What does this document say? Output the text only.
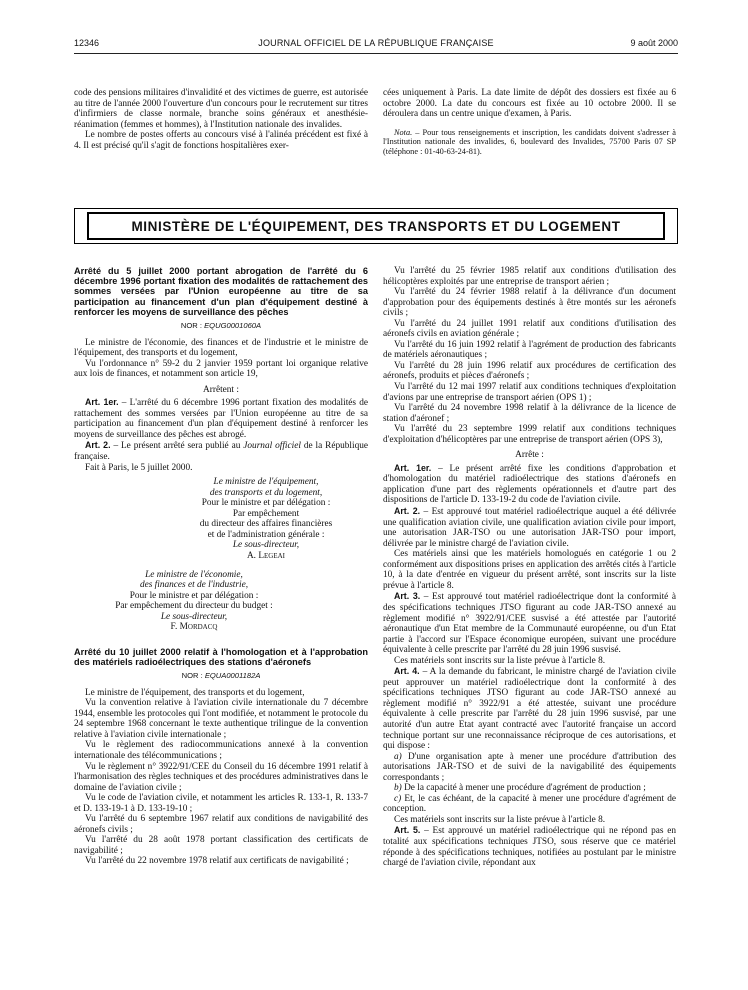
12346	JOURNAL OFFICIEL DE LA RÉPUBLIQUE FRANÇAISE	9 août 2000

code des pensions militaires d'invalidité et des victimes de guerre, est autorisée au titre de l'année 2000 l'ouverture d'un concours pour le recrutement sur titres d'infirmiers de classe normale, branche soins généraux et anesthésie-réanimation (femmes et hommes), à l'Institution nationale des invalides.

Le nombre de postes offerts au concours visé à l'alinéa précédent est fixé à 4. Il est précisé qu'il s'agit de fonctions hospitalières exer-

cées uniquement à Paris. La date limite de dépôt des dossiers est fixée au 6 octobre 2000. La date du concours est fixée au 10 octobre 2000. Il se déroulera dans un centre unique d'examen, à Paris.

Nota. – Pour tous renseignements et inscription, les candidats doivent s'adresser à l'Institution nationale des invalides, 6, boulevard des Invalides, 75700 Paris 07 SP (téléphone : 01-40-63-24-81).

MINISTÈRE DE L'ÉQUIPEMENT, DES TRANSPORTS ET DU LOGEMENT

Arrêté du 5 juillet 2000 portant abrogation de l'arrêté du 6 décembre 1996 portant fixation des modalités de rattachement des sommes versées par l'Union européenne au titre de sa participation au financement d'un plan d'équipement destiné à renforcer les moyens de surveillance des pêches

NOR : EQUG0001060A

Le ministre de l'économie, des finances et de l'industrie et le ministre de l'équipement, des transports et du logement,

Vu l'ordonnance n° 59-2 du 2 janvier 1959 portant loi organique relative aux lois de finances, et notamment son article 19,

Arrêtent :

Art. 1er. – L'arrêté du 6 décembre 1996 portant fixation des modalités de rattachement des sommes versées par l'Union européenne au titre de sa participation au financement d'un plan d'équipement destiné à renforcer les moyens de surveillance des pêches est abrogé.

Art. 2. – Le présent arrêté sera publié au Journal officiel de la République française.

Fait à Paris, le 5 juillet 2000.

Le ministre de l'équipement,

des transports et du logement,

Pour le ministre et par délégation :

Par empêchement

du directeur des affaires financières

et de l'administration générale :

Le sous-directeur,

A. Legeai

Le ministre de l'économie,

des finances et de l'industrie,

Pour le ministre et par délégation :

Par empêchement du directeur du budget :

Le sous-directeur,

F. Mordacq

Arrêté du 10 juillet 2000 relatif à l'homologation et à l'approbation des matériels radioélectriques des stations d'aéronefs

NOR : EQUA0001182A

Le ministre de l'équipement, des transports et du logement,

Vu la convention relative à l'aviation civile internationale du 7 décembre 1944, ensemble les protocoles qui l'ont modifiée, et notamment le protocole du 24 septembre 1968 concernant le texte authentique trilingue de la convention relative à l'aviation civile internationale ;

Vu le règlement des radiocommunications annexé à la convention internationale des télécommunications ;

Vu le règlement n° 3922/91/CEE du Conseil du 16 décembre 1991 relatif à l'harmonisation des règles techniques et des procédures administratives dans le domaine de l'aviation civile ;

Vu le code de l'aviation civile, et notamment les articles R. 133-1, R. 133-7 et D. 133-19-1 à D. 133-19-10 ;

Vu l'arrêté du 6 septembre 1967 relatif aux conditions de navigabilité des aéronefs civils ;

Vu l'arrêté du 28 août 1978 portant classification des certificats de navigabilité ;

Vu l'arrêté du 22 novembre 1978 relatif aux certificats de navigabilité ;

Vu l'arrêté du 25 février 1985 relatif aux conditions d'utilisation des hélicoptères exploités par une entreprise de transport aérien ;

Vu l'arrêté du 24 février 1988 relatif à la délivrance d'un document d'approbation pour des équipements destinés à être montés sur les aéronefs civils ;

Vu l'arrêté du 24 juillet 1991 relatif aux conditions d'utilisation des aéronefs civils en aviation générale ;

Vu l'arrêté du 16 juin 1992 relatif à l'agrément de production des fabricants de matériels aéronautiques ;

Vu l'arrêté du 28 juin 1996 relatif aux procédures de certification des aéronefs, produits et pièces d'aéronefs ;

Vu l'arrêté du 12 mai 1997 relatif aux conditions techniques d'exploitation d'avions par une entreprise de transport aérien (OPS 1) ;

Vu l'arrêté du 24 novembre 1998 relatif à la délivrance de la licence de station d'aéronef ;

Vu l'arrêté du 23 septembre 1999 relatif aux conditions techniques d'exploitation d'hélicoptères par une entreprise de transport aérien (OPS 3),

Arrête :

Art. 1er. – Le présent arrêté fixe les conditions d'approbation et d'homologation du matériel radioélectrique des stations d'aéronefs en application d'une part des règlements opérationnels et d'autre part des dispositions de l'article D. 133-19-2 du code de l'aviation civile.

Art. 2. – Est approuvé tout matériel radioélectrique auquel a été délivrée une qualification aviation civile, une qualification aviation civile pour import, une autorisation JAR-TSO ou une autorisation JAR-TSO pour import, délivrée par le ministre chargé de l'aviation civile.

Ces matériels ainsi que les matériels homologués en catégorie 1 ou 2 conformément aux dispositions prises en application des arrêtés cités à l'article 10, à la date d'entrée en vigueur du présent arrêté, sont inscrits sur la liste prévue à l'article 8.

Art. 3. – Est approuvé tout matériel radioélectrique dont la conformité à des spécifications techniques JTSO figurant au code JAR-TSO annexé au règlement modifié n° 3922/91/CEE susvisé a été attestée par l'autorité aéronautique d'un Etat membre de la Communauté européenne, ou d'un Etat partie à l'accord sur l'Espace économique européen, suivant une procédure équivalente à celle prescrite par l'arrêté du 28 juin 1996 susvisé.

Ces matériels sont inscrits sur la liste prévue à l'article 8.

Art. 4. – A la demande du fabricant, le ministre chargé de l'aviation civile peut approuver un matériel radioélectrique dont la conformité à des spécifications techniques JTSO figurant au code JAR-TSO annexé au règlement modifié n° 3922/91 a été attestée, suivant une procédure équivalente à celle prescrite par l'arrêté du 28 juin 1996 susvisé, par une autorité d'un autre Etat ayant contracté avec l'autorité française un accord technique portant sur une reconnaissance réciproque de ces autorisations, et qui dispose :

a) D'une organisation apte à mener une procédure d'attribution des autorisations JAR-TSO et de suivi de la navigabilité des équipements correspondants ;

b) De la capacité à mener une procédure d'agrément de production ;

c) Et, le cas échéant, de la capacité à mener une procédure d'agrément de conception.

Ces matériels sont inscrits sur la liste prévue à l'article 8.

Art. 5. – Est approuvé un matériel radioélectrique qui ne répond pas en totalité aux spécifications techniques JTSO, sous réserve que ce matériel réponde à des spécifications techniques, notifiées au postulant par le ministre chargé de l'aviation civile, répondant aux
